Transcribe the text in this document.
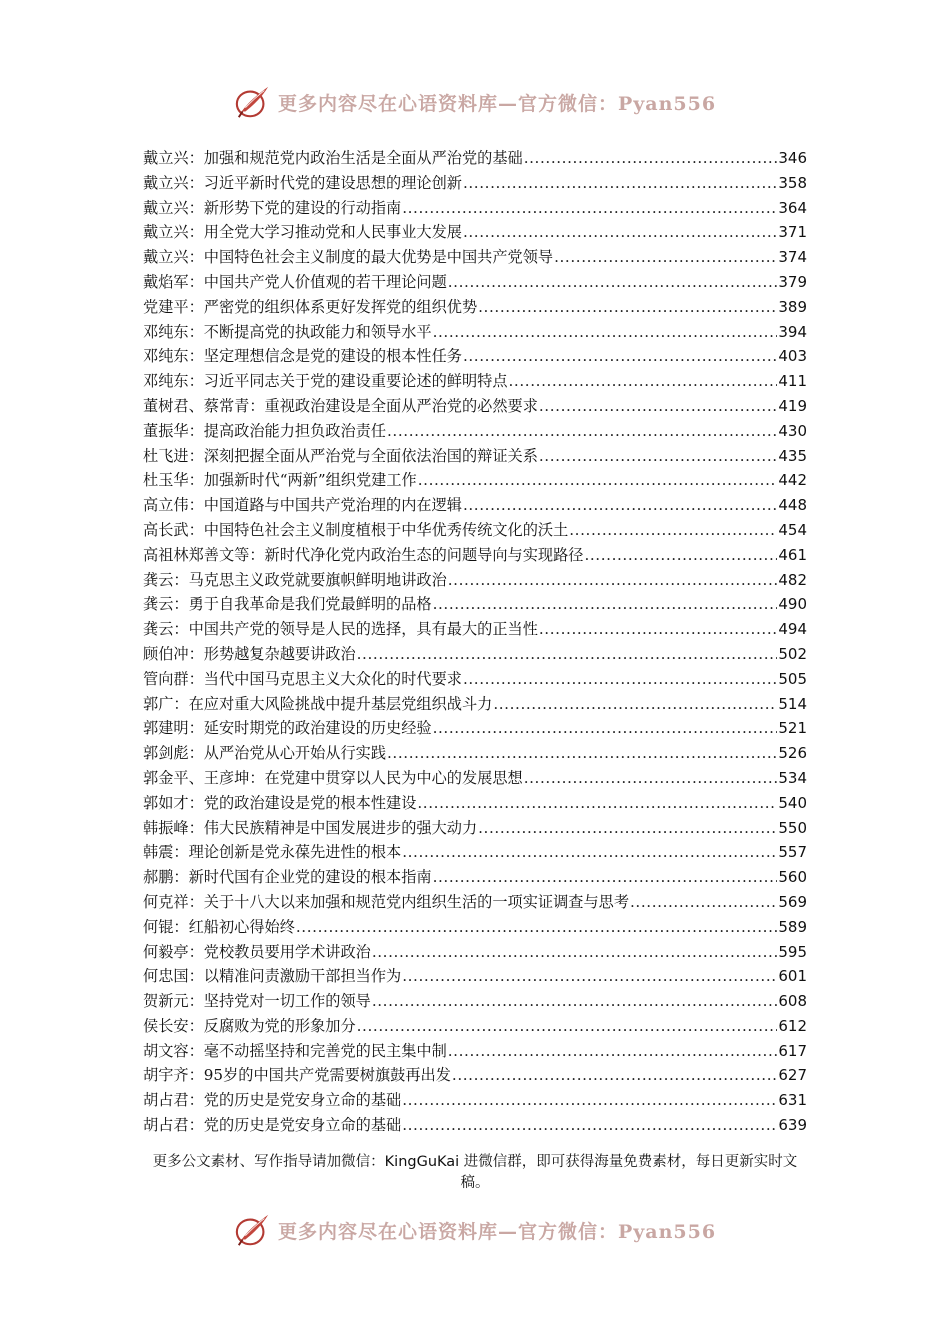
更多内容尽在心语资料库—官方微信：Pyan556
戴立兴：加强和规范党内政治生活是全面从严治党的基础 .....	346
戴立兴：习近平新时代党的建设思想的理论创新 .....	358
戴立兴：新形势下党的建设的行动指南 .....	364
戴立兴：用全党大学习推动党和人民事业大发展 .....	371
戴立兴：中国特色社会主义制度的最大优势是中国共产党领导 .....	374
戴焰军：中国共产党人价值观的若干理论问题 .....	379
党建平：严密党的组织体系更好发挥党的组织优势 .....	389
邓纯东：不断提高党的执政能力和领导水平 .....	394
邓纯东：坚定理想信念是党的建设的根本性任务 .....	403
邓纯东：习近平同志关于党的建设重要论述的鲜明特点 .....	411
董树君、蔡常青：重视政治建设是全面从严治党的必然要求 .....	419
董振华：提高政治能力担负政治责任 .....	430
杜飞进：深刻把握全面从严治党与全面依法治国的辩证关系 .....	435
杜玉华：加强新时代“两新”组织党建工作 .....	442
高立伟：中国道路与中国共产党治理的内在逻辑 .....	448
高长武：中国特色社会主义制度植根于中华优秀传统文化的沃土 .....	454
高祖林郑善文等：新时代净化党内政治生态的问题导向与实现路径 .....	461
龚云：马克思主义政党就要旗帜鲜明地讲政治 .....	482
龚云：勇于自我革命是我们党最鲜明的品格 .....	490
龚云：中国共产党的领导是人民的选择，具有最大的正当性 .....	494
顾伯冲：形势越复杂越要讲政治 .....	502
管向群：当代中国马克思主义大众化的时代要求 .....	505
郭广：在应对重大风险挑战中提升基层党组织战斗力 .....	514
郭建明：延安时期党的政治建设的历史经验 .....	521
郭剑彪：从严治党从心开始从行实践 .....	526
郭金平、王彦坤：在党建中贯穿以人民为中心的发展思想 .....	534
郭如才：党的政治建设是党的根本性建设 .....	540
韩振峰：伟大民族精神是中国发展进步的强大动力 .....	550
韩震：理论创新是党永葆先进性的根本 .....	557
郝鹏：新时代国有企业党的建设的根本指南 .....	560
何克祥：关于十八大以来加强和规范党内组织生活的一项实证调查与思考 .....	569
何锟：红船初心得始终 .....	589
何毅亭：党校教员要用学术讲政治 .....	595
何忠国：以精准问责激励干部担当作为 .....	601
贺新元：坚持党对一切工作的领导 .....	608
侯长安：反腐败为党的形象加分 .....	612
胡文容：毫不动摇坚持和完善党的民主集中制 .....	617
胡宇齐：95岁的中国共产党需要树旗鼓再出发 .....	627
胡占君：党的历史是党安身立命的基础 .....	631
胡占君：党的历史是党安身立命的基础 .....	639
更多公文素材、写作指导请加微信：KingGuKai 进微信群，即可获得海量免费素材，每日更新实时文稿。
更多内容尽在心语资料库—官方微信：Pyan556
